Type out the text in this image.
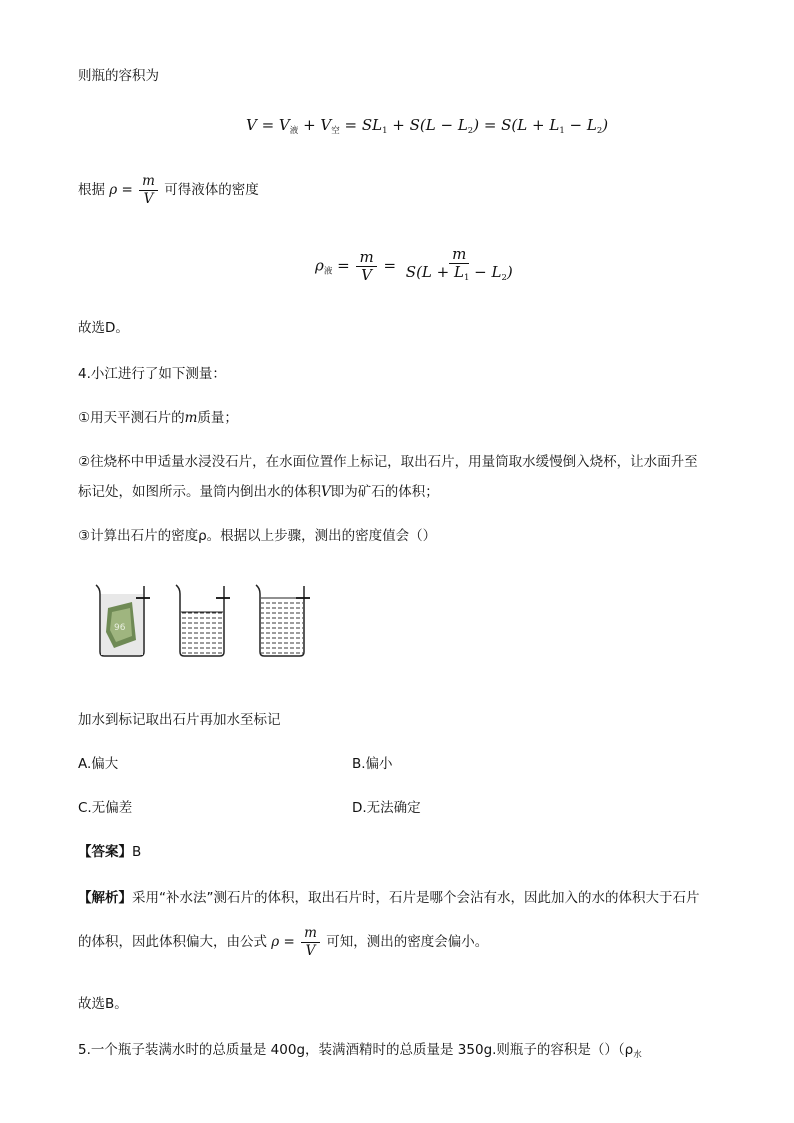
则瓶的容积为
$V = V_液 + V_空 = SL_1 + S(L - L_2) = S(L + L_1 - L_2)$
根据 $\rho = \frac{m}{V}$ 可得液体的密度
$\rho_液 = \frac{m}{V} = \frac{m}{S(L + L_1 - L_2)}$
故选D。
4.小江进行了如下测量：
①用天平测石片的m质量；
②往烧杯中甲适量水浸没石片，在水面位置作上标记，取出石片，用量筒取水缓慢倒入烧杯，让水面升至
标记处，如图所示。量筒内倒出水的体积V即为矿石的体积；
③计算出石片的密度ρ。根据以上步骤，测出的密度值会（）
96
加水到标记取出石片再加水至标记
A.偏大	B.偏小
C.无偏差	D.无法确定
【答案】B
【解析】采用“补水法”测石片的体积，取出石片时，石片是哪个会沾有水，因此加入的水的体积大于石片
的体积，因此体积偏大，由公式 $\rho = \frac{m}{V}$ 可知，测出的密度会偏小。
故选B。
5.一个瓶子装满水时的总质量是 400g，装满酒精时的总质量是 350g.则瓶子的容积是$()(\rho_水$
